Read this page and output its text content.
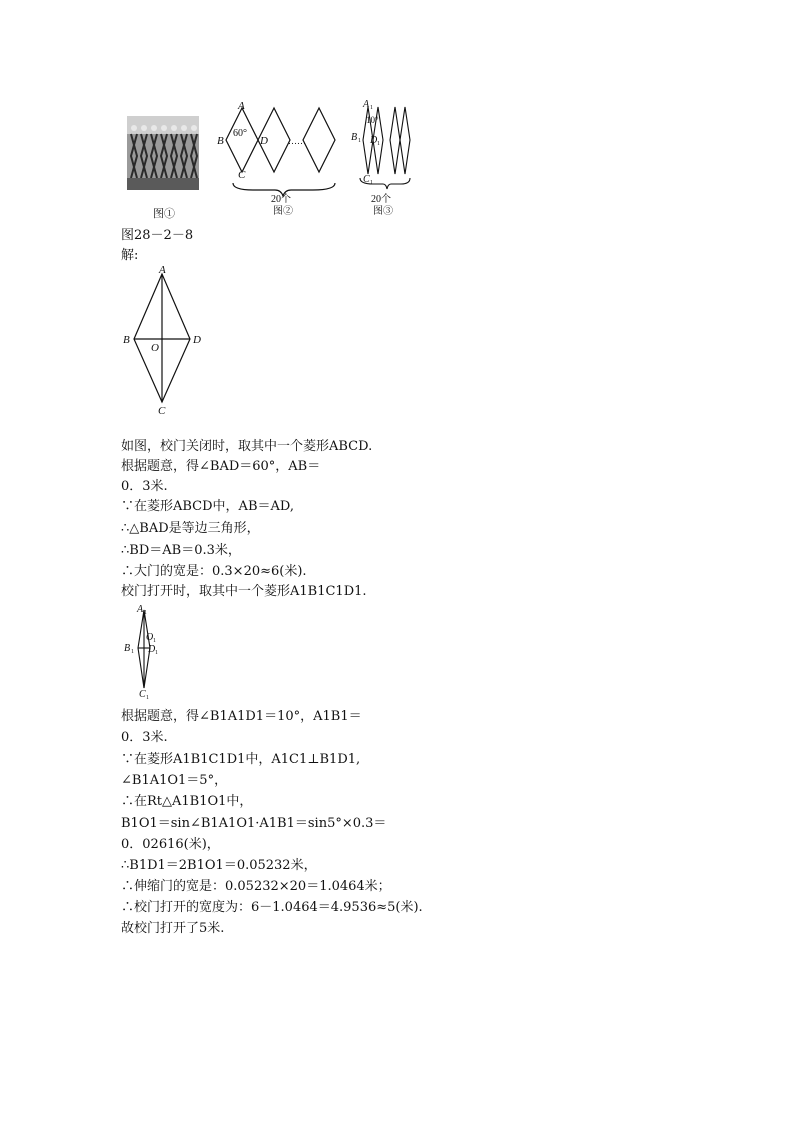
图①
A
60°
B	D ……
C
20个
图②
A 1
10°
B 1 D 1
C 1
20个
图③
图28－2－8
解:
A
B
O
D
C
如图，校门关闭时，取其中一个菱形ABCD.
根据题意，得∠BAD＝60°，AB＝
0．3米.
∵在菱形ABCD中，AB＝AD,
∴△BAD是等边三角形，
∴BD＝AB＝0.3米，
∴大门的宽是：0.3×20≈6(米).
校门打开时，取其中一个菱形A1B1C1D1.
A 1
O 1
B 1 D 1
C 1
根据题意，得∠B1A1D1＝10°，A1B1＝
0．3米.
∵在菱形A1B1C1D1中，A1C1⊥B1D1,
∠B1A1O1＝5°，
∴在Rt△A1B1O1中，
B1O1＝sin∠B1A1O1·A1B1＝sin5°×0.3＝
0．02616(米)，
∴B1D1＝2B1O1＝0.05232米，
∴伸缩门的宽是：0.05232×20＝1.0464米；
∴校门打开的宽度为：6－1.0464＝4.9536≈5(米).
故校门打开了5米.
